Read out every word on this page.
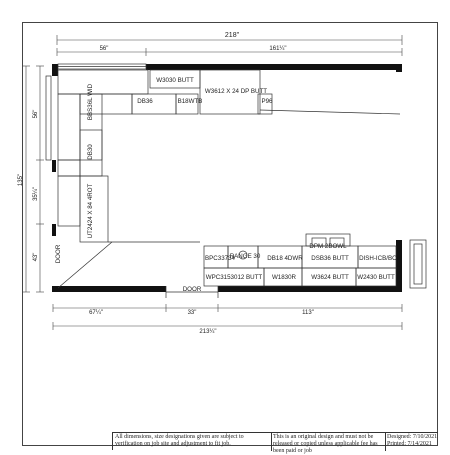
218"
56"	161¼"
135"
56"
35¼"
43"
67¼"	33"	113"
213¼"
W3030 BUTT
W3612 X 24 DP BUTT
DB36	B18WTB	P96
BBS36L WID
DB30
UT2424 X 84 4ROT
DOOR
DOOR
DPM 2BOWL
BPC33734
RANGE 30 DB18 4DWR DSB36 BUTT DISH-ICB/BO
WPC3153012 BUTT W1830R W3624 BUTT W2430 BUTT
All dimensions, size designations given are subject to verification on job site and adjustment to fit job.
This is an original design and must not be released or copied unless applicable fee has been paid or job
Designed: 7/10/2021
Printed: 7/14/2021
